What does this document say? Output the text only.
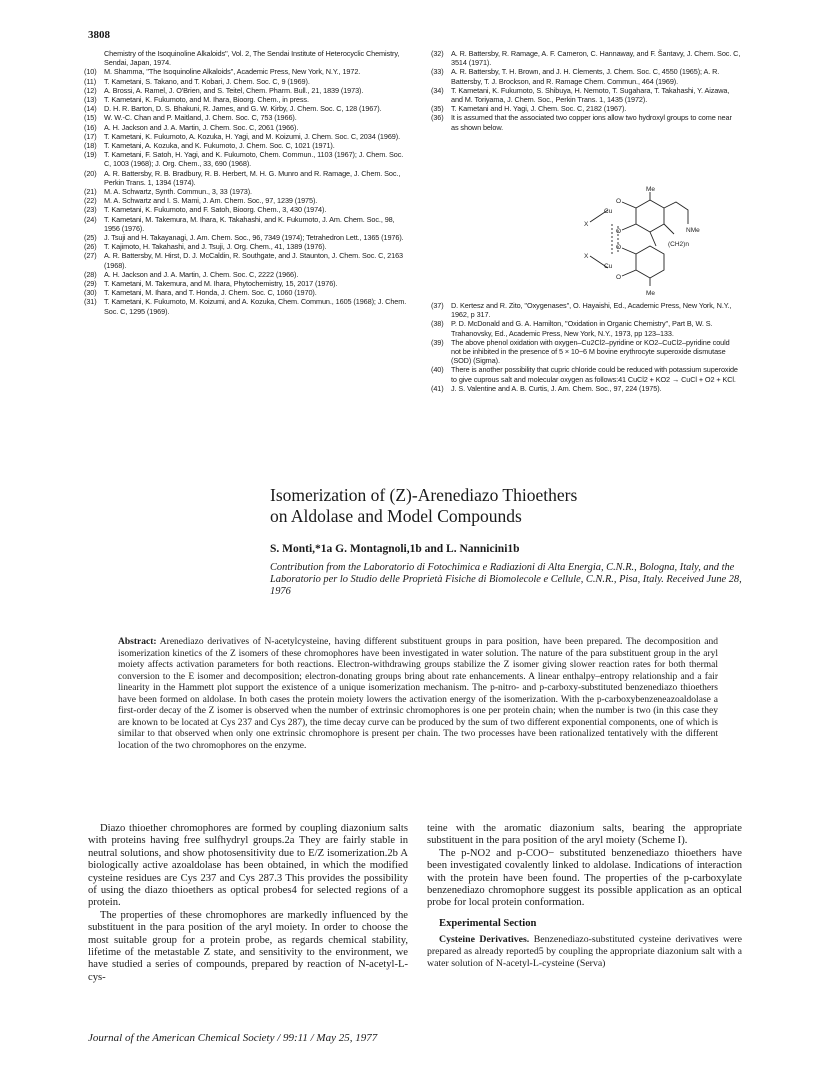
3808
Chemistry of the Isoquinoline Alkaloids'', Vol. 2, The Sendai Institute of Heterocyclic Chemistry, Sendai, Japan, 1974.
(10)	M. Shamma, ''The Isoquinoline Alkaloids'', Academic Press, New York, N.Y., 1972.
(11)	T. Kametani, S. Takano, and T. Kobari, J. Chem. Soc. C, 9 (1969).
(12)	A. Brossi, A. Ramel, J. O'Brien, and S. Teitel, Chem. Pharm. Bull., 21, 1839 (1973).
(13)	T. Kametani, K. Fukumoto, and M. Ihara, Bioorg. Chem., in press.
(14)	D. H. R. Barton, D. S. Bhakuni, R. James, and G. W. Kirby, J. Chem. Soc. C, 128 (1967).
(15)	W. W.-C. Chan and P. Maitland, J. Chem. Soc. C, 753 (1966).
(16)	A. H. Jackson and J. A. Martin, J. Chem. Soc. C, 2061 (1966).
(17)	T. Kametani, K. Fukumoto, A. Kozuka, H. Yagi, and M. Koizumi, J. Chem. Soc. C, 2034 (1969).
(18)	T. Kametani, A. Kozuka, and K. Fukumoto, J. Chem. Soc. C, 1021 (1971).
(19)	T. Kametani, F. Satoh, H. Yagi, and K. Fukumoto, Chem. Commun., 1103 (1967); J. Chem. Soc. C, 1003 (1968); J. Org. Chem., 33, 690 (1968).
(20)	A. R. Battersby, R. B. Bradbury, R. B. Herbert, M. H. G. Munro and R. Ramage, J. Chem. Soc., Perkin Trans. 1, 1394 (1974).
(21)	M. A. Schwartz, Synth. Commun., 3, 33 (1973).
(22)	M. A. Schwartz and I. S. Mami, J. Am. Chem. Soc., 97, 1239 (1975).
(23)	T. Kametani, K. Fukumoto, and F. Satoh, Bioorg. Chem., 3, 430 (1974).
(24)	T. Kametani, M. Takemura, M. Ihara, K. Takahashi, and K. Fukumoto, J. Am. Chem. Soc., 98, 1956 (1976).
(25)	J. Tsuji and H. Takayanagi, J. Am. Chem. Soc., 96, 7349 (1974); Tetrahedron Lett., 1365 (1976).
(26)	T. Kajimoto, H. Takahashi, and J. Tsuji, J. Org. Chem., 41, 1389 (1976).
(27)	A. R. Battersby, M. Hirst, D. J. McCaldin, R. Southgate, and J. Staunton, J. Chem. Soc. C, 2163 (1968).
(28)	A. H. Jackson and J. A. Martin, J. Chem. Soc. C, 2222 (1966).
(29)	T. Kametani, M. Takemura, and M. Ihara, Phytochemistry, 15, 2017 (1976).
(30)	T. Kametani, M. Ihara, and T. Honda, J. Chem. Soc. C, 1060 (1970).
(31)	T. Kametani, K. Fukumoto, M. Koizumi, and A. Kozuka, Chem. Commun., 1605 (1968); J. Chem. Soc. C, 1295 (1969).
(32)	A. R. Battersby, R. Ramage, A. F. Cameron, C. Hannaway, and F. Šantavy, J. Chem. Soc. C, 3514 (1971).
(33)	A. R. Battersby, T. H. Brown, and J. H. Clements, J. Chem. Soc. C, 4550 (1965); A. R. Battersby, T. J. Brockson, and R. Ramage Chem. Commun., 464 (1969).
(34)	T. Kametani, K. Fukumoto, S. Shibuya, H. Nemoto, T. Sugahara, T. Takahashi, Y. Aizawa, and M. Toriyama, J. Chem. Soc., Perkin Trans. 1, 1435 (1972).
(35)	T. Kametani and H. Yagi, J. Chem. Soc. C, 2182 (1967).
(36)	It is assumed that the associated two copper ions allow two hydroxyl groups to come near as shown below.
Me
X
Cu
O
O	NMe
(CH2)n
O
O
Cu
X
Me
(37)	D. Kertesz and R. Zito, ''Oxygenases'', O. Hayaishi, Ed., Academic Press, New York, N.Y., 1962, p 317.
(38)	P. D. McDonald and G. A. Hamilton, ''Oxidation in Organic Chemistry'', Part B, W. S. Trahanovsky, Ed., Academic Press, New York, N.Y., 1973, pp 123–133.
(39)	The above phenol oxidation with oxygen–Cu2Cl2–pyridine or KO2–CuCl2–pyridine could not be inhibited in the presence of 5 × 10−6 M bovine erythrocyte superoxide dismutase (SOD) (Sigma).
(40)	There is another possibility that cupric chloride could be reduced with potassium superoxide to give cuprous salt and molecular oxygen as follows:41 CuCl2 + KO2 → CuCl + O2 + KCl.
(41)	J. S. Valentine and A. B. Curtis, J. Am. Chem. Soc., 97, 224 (1975).
Isomerization of (Z)-Arenediazo Thioethers
on Aldolase and Model Compounds
S. Monti,*1a G. Montagnoli,1b and L. Nannicini1b
Contribution from the Laboratorio di Fotochimica e Radiazioni di Alta Energia, C.N.R., Bologna, Italy, and the Laboratorio per lo Studio delle Proprietà Fisiche di Biomolecole e Cellule, C.N.R., Pisa, Italy. Received June 28, 1976
Abstract: Arenediazo derivatives of N-acetylcysteine, having different substituent groups in para position, have been prepared. The decomposition and isomerization kinetics of the Z isomers of these chromophores have been investigated in water solution. The nature of the para substituent group in the aryl moiety affects activation parameters for both reactions. Electron-withdrawing groups stabilize the Z isomer giving slower reaction rates for both thermal conversion to the E isomer and decomposition; electron-donating groups bring about rate enhancements. A linear enthalpy–entropy relationship and a fair linearity in the Hammett plot support the existence of a unique isomerization mechanism. The p-nitro- and p-carboxy-substituted benzenediazo thioethers have been formed on aldolase. In both cases the protein moiety lowers the activation energy of the isomerization. With the p-carboxybenzeneazoaldolase a first-order decay of the Z isomer is observed when the number of extrinsic chromophores is one per protein chain; when the number is two (in this case they are known to be located at Cys 237 and Cys 287), the time decay curve can be produced by the sum of two different exponential components, one of which is similar to that observed when only one extrinsic chromophore is present per chain. The two processes have been rationalized tentatively with the different location of the two chromophores on the enzyme.

Diazo thioether chromophores are formed by coupling diazonium salts with proteins having free sulfhydryl groups.2a They are fairly stable in neutral solutions, and show photosensitivity due to E/Z isomerization.2b A biologically active azoaldolase has been obtained, in which the modified cysteine residues are Cys 237 and Cys 287.3 This provides the possibility of using the diazo thioethers as optical probes4 for selected regions of a protein.

The properties of these chromophores are markedly influenced by the substituent in the para position of the aryl moiety. In order to choose the most suitable group for a protein probe, as regards chemical stability, lifetime of the metastable Z state, and sensitivity to the environment, we have studied a series of compounds, prepared by reaction of N-acetyl-L-cys-

teine with the aromatic diazonium salts, bearing the appropriate substituent in the para position of the aryl moiety (Scheme I).

The p-NO2 and p-COO− substituted benzenediazo thioethers have been investigated covalently linked to aldolase. Indications of interaction with the protein have been found. The properties of the p-carboxylate benzenediazo chromophore suggest its possible application as an optical probe for local protein conformation.

Experimental Section

Cysteine Derivatives. Benzenediazo-substituted cysteine derivatives were prepared as already reported5 by coupling the appropriate diazonium salt with a water solution of N-acetyl-L-cysteine (Serva)

Journal of the American Chemical Society / 99:11 / May 25, 1977
